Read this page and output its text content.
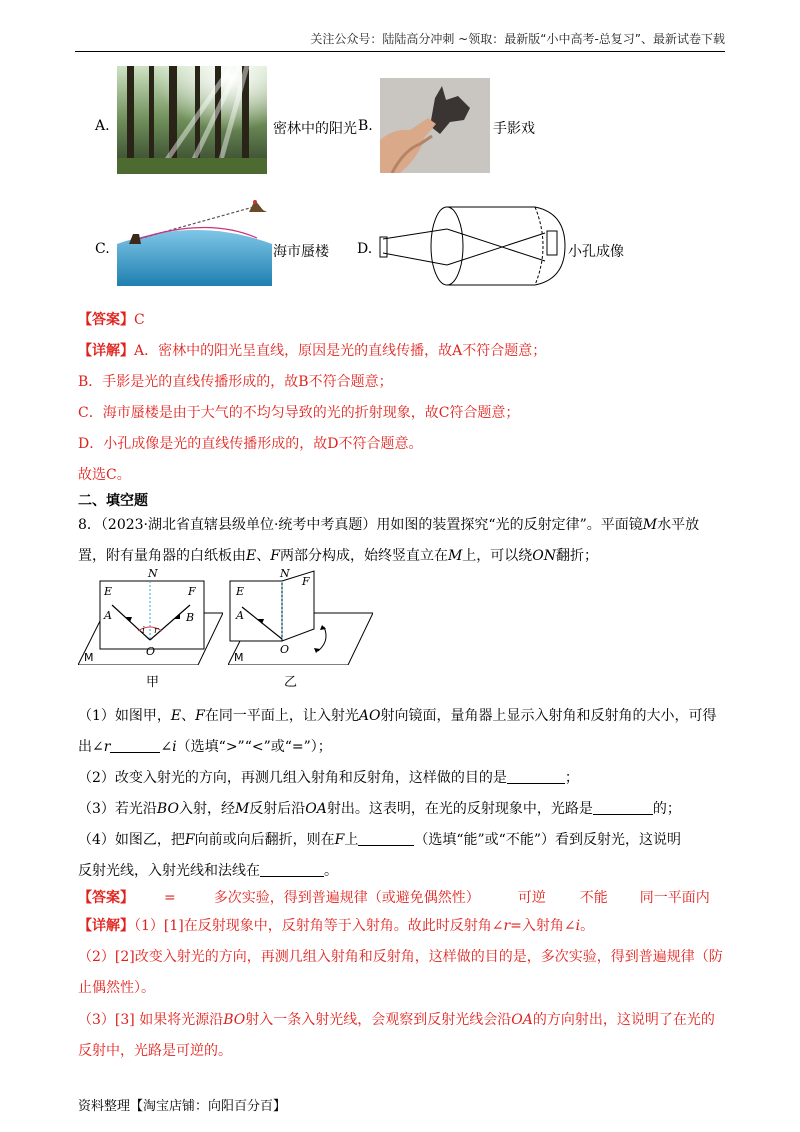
关注公众号：陆陆高分冲刺 ~领取：最新版“小中高考-总复习”、最新试卷下载
A.	密林中的阳光 B.	手影戏
C.	海市蜃楼 D.	小孔成像
【答案】C
【详解】A．密林中的阳光呈直线，原因是光的直线传播，故A不符合题意；
B．手影是光的直线传播形成的，故B不符合题意；
C．海市蜃楼是由于大气的不均匀导致的光的折射现象，故C符合题意；
D．小孔成像是光的直线传播形成的，故D不符合题意。
故选C。
二、填空题
8．（2023·湖北省直辖县级单位·统考中考真题）用如图的装置探究“光的反射定律”。平面镜M水平放
置，附有量角器的白纸板由E、F两部分构成，始终竖直立在M上，可以绕ON翻折；
E	F
N
A	B
O
i r
M
甲
E
F
N
A
O
M
乙
（1）如图甲，E、F在同一平面上，让入射光AO射向镜面，量角器上显示入射角和反射角的大小，可得
出∠r	∠i（选填“>”“<”或“=”）；
（2）改变入射光的方向，再测几组入射角和反射角，这样做的目的是	；
（3）若光沿BO入射，经M反射后沿OA射出。这表明，在光的反射现象中，光路是	的；
（4）如图乙，把F向前或向后翻折，则在F上	（选填“能”或“不能”）看到反射光，这说明
反射光线，入射光线和法线在	。
【答案】 =	多次实验，得到普遍规律（或避免偶然性）	可逆 不能 同一平面内
【详解】（1）[1]在反射现象中，反射角等于入射角。故此时反射角∠r=入射角∠i。
（2）[2]改变入射光的方向，再测几组入射角和反射角，这样做的目的是，多次实验，得到普遍规律（防
止偶然性）。
（3）[3] 如果将光源沿BO射入一条入射光线，会观察到反射光线会沿OA的方向射出，这说明了在光的
反射中，光路是可逆的。
资料整理【淘宝店铺：向阳百分百】
